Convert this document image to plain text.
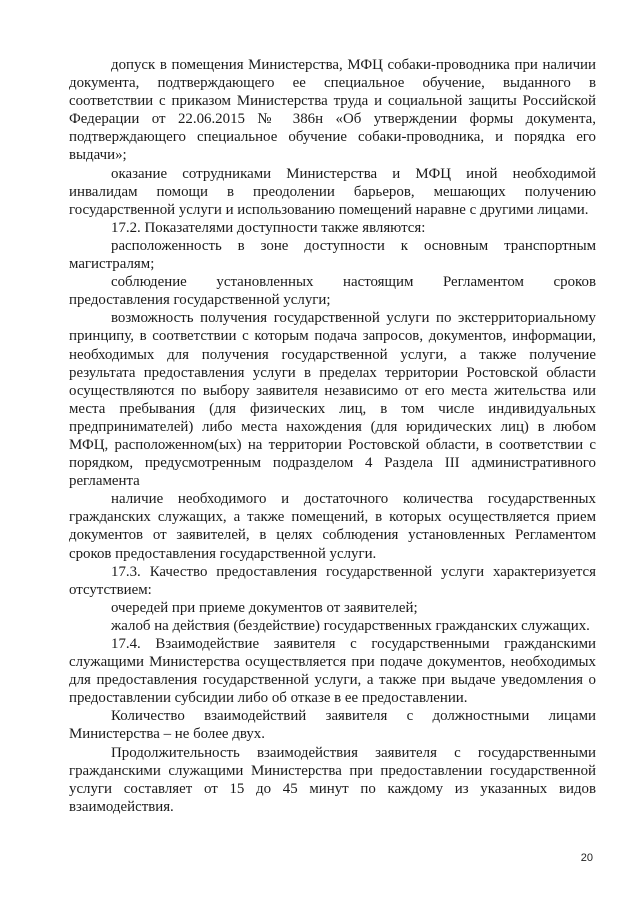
допуск в помещения Министерства, МФЦ собаки-проводника при наличии документа, подтверждающего ее специальное обучение, выданного в соответствии с приказом Министерства труда и социальной защиты Российской Федерации от 22.06.2015 № 386н «Об утверждении формы документа, подтверждающего специальное обучение собаки-проводника, и порядка его выдачи»;

оказание сотрудниками Министерства и МФЦ иной необходимой инвалидам помощи в преодолении барьеров, мешающих получению государственной услуги и использованию помещений наравне с другими лицами.

17.2. Показателями доступности также являются:

расположенность в зоне доступности к основным транспортным магистралям;

соблюдение установленных настоящим Регламентом сроков предоставления государственной услуги;

возможность получения государственной услуги по экстерриториальному принципу, в соответствии с которым подача запросов, документов, информации, необходимых для получения государственной услуги, а также получение результата предоставления услуги в пределах территории Ростовской области осуществляются по выбору заявителя независимо от его места жительства или места пребывания (для физических лиц, в том числе индивидуальных предпринимателей) либо места нахождения (для юридических лиц) в любом МФЦ, расположенном(ых) на территории Ростовской области, в соответствии с порядком, предусмотренным подразделом 4 Раздела III административного регламента

наличие необходимого и достаточного количества государственных гражданских служащих, а также помещений, в которых осуществляется прием документов от заявителей, в целях соблюдения установленных Регламентом сроков предоставления государственной услуги.

17.3. Качество предоставления государственной услуги характеризуется отсутствием:

очередей при приеме документов от заявителей;

жалоб на действия (бездействие) государственных гражданских служащих.

17.4. Взаимодействие заявителя с государственными гражданскими служащими Министерства осуществляется при подаче документов, необходимых для предоставления государственной услуги, а также при выдаче уведомления о предоставлении субсидии либо об отказе в ее предоставлении.

Количество взаимодействий заявителя с должностными лицами Министерства – не более двух.

Продолжительность взаимодействия заявителя с государственными гражданскими служащими Министерства при предоставлении государственной услуги составляет от 15 до 45 минут по каждому из указанных видов взаимодействия.

20
